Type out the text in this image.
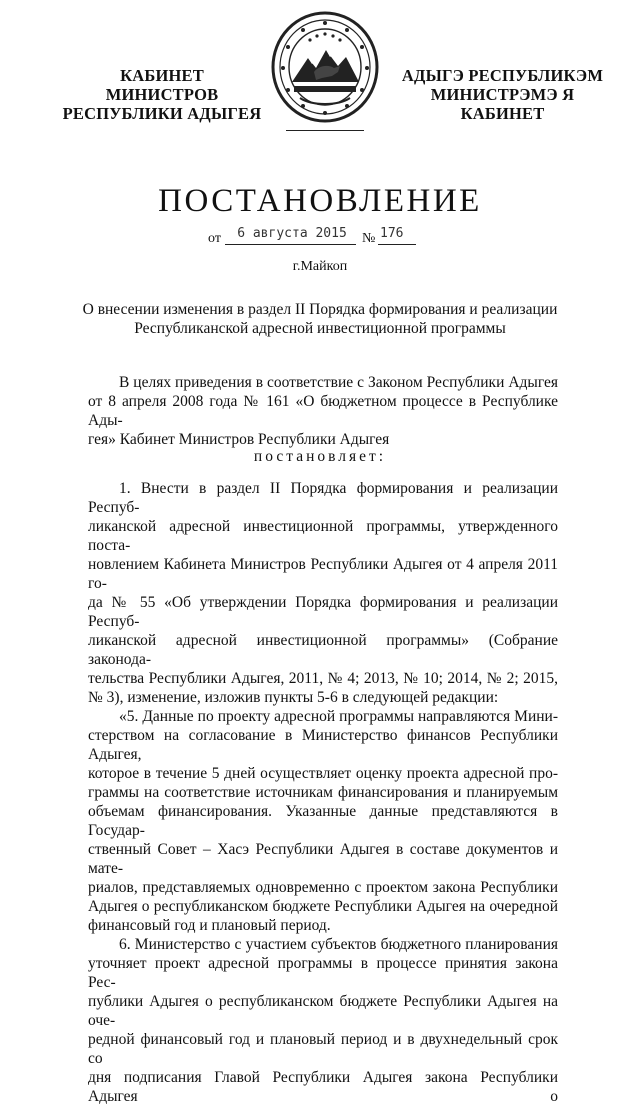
КАБИНЕТ МИНИСТРОВ
РЕСПУБЛИКИ АДЫГЕЯ
АДЫГЭ РЕСПУБЛИКЭМ
МИНИСТРЭМЭ Я КАБИНЕТ
ПОСТАНОВЛЕНИЕ
от	6 августа 2015	№ 176
г.Майкоп
О внесении изменения в раздел II Порядка формирования и реализации
Республиканской адресной инвестиционной программы

В целях приведения в соответствие с Законом Республики Адыгея

от 8 апреля 2008 года № 161 «О бюджетном процессе в Республике Ады-

гея» Кабинет Министров Республики Адыгея

постановляет:

1. Внести в раздел II Порядка формирования и реализации Респуб-

ликанской адресной инвестиционной программы, утвержденного поста-

новлением Кабинета Министров Республики Адыгея от 4 апреля 2011 го-

да № 55 «Об утверждении Порядка формирования и реализации Респуб-

ликанской адресной инвестиционной программы» (Собрание законода-

тельства Республики Адыгея, 2011, № 4; 2013, № 10; 2014, № 2; 2015,

№ 3), изменение, изложив пункты 5-6 в следующей редакции:

«5. Данные по проекту адресной программы направляются Мини-

стерством на согласование в Министерство финансов Республики Адыгея,

которое в течение 5 дней осуществляет оценку проекта адресной про-

граммы на соответствие источникам финансирования и планируемым

объемам финансирования. Указанные данные представляются в Государ-

ственный Совет – Хасэ Республики Адыгея в составе документов и мате-

риалов, представляемых одновременно с проектом закона Республики

Адыгея о республиканском бюджете Республики Адыгея на очередной

финансовый год и плановый период.

6. Министерство с участием субъектов бюджетного планирования

уточняет проект адресной программы в процессе принятия закона Рес-

публики Адыгея о республиканском бюджете Республики Адыгея на оче-

редной финансовый год и плановый период и в двухнедельный срок со

дня подписания Главой Республики Адыгея закона Республики Адыгея о
